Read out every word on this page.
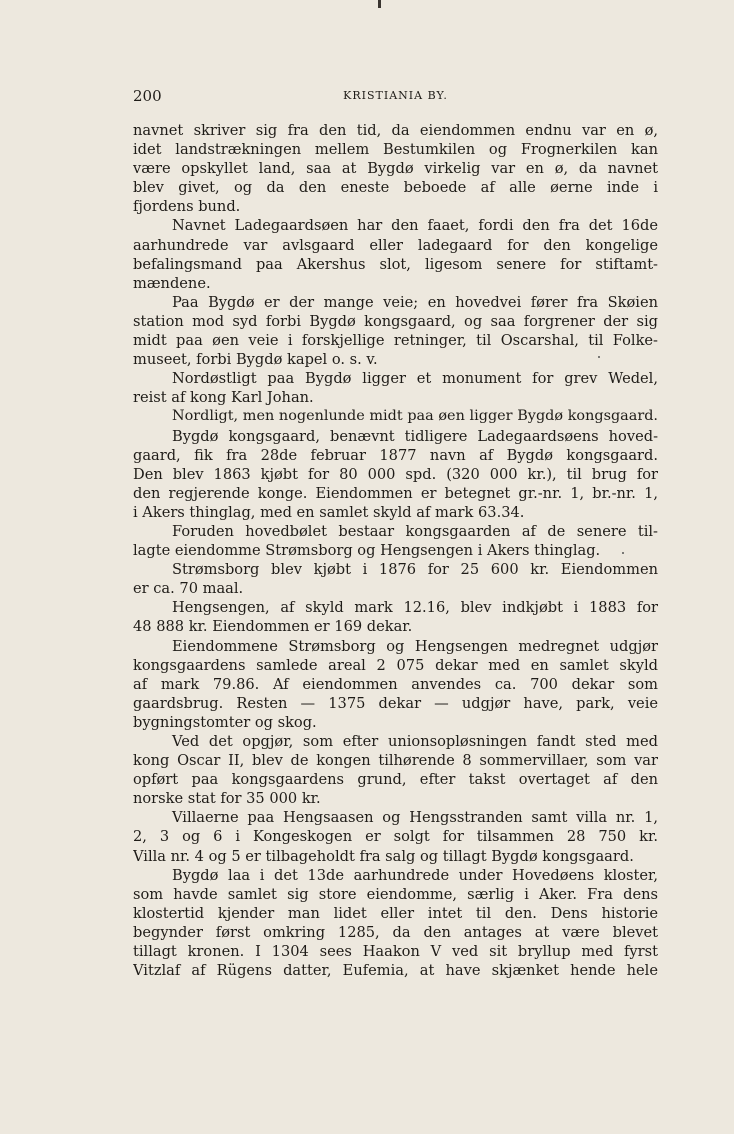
200	KRISTIANIA BY.
navnet skriver sig fra den tid, da eiendommen endnu var en ø,
idet landstrækningen mellem Bestumkilen og Frognerkilen kan
være opskyllet land, saa at Bygdø virkelig var en ø, da navnet
blev givet, og da den eneste beboede af alle øerne inde i
fjordens bund.
Navnet Ladegaardsøen har den faaet, fordi den fra det 16de
aarhundrede var avlsgaard eller ladegaard for den kongelige
befalingsmand paa Akershus slot, ligesom senere for stiftamt-
mændene.
Paa Bygdø er der mange veie; en hovedvei fører fra Skøien
station mod syd forbi Bygdø kongsgaard, og saa forgrener der sig
midt paa øen veie i forskjellige retninger, til Oscarshal, til Folke-
museet, forbi Bygdø kapel o. s. v.
Nordøstligt paa Bygdø ligger et monument for grev Wedel,
reist af kong Karl Johan.
Nordligt, men nogenlunde midt paa øen ligger Bygdø kongsgaard.
Bygdø kongsgaard, benævnt tidligere Ladegaardsøens hoved-
gaard, fik fra 28de februar 1877 navn af Bygdø kongsgaard.
Den blev 1863 kjøbt for 80 000 spd. (320 000 kr.), til brug for
den regjerende konge. Eiendommen er betegnet gr.-nr. 1, br.-nr. 1,
i Akers thinglag, med en samlet skyld af mark 63.34.
Foruden hovedbølet bestaar kongsgaarden af de senere til-
lagte eiendomme Strømsborg og Hengsengen i Akers thinglag.
Strømsborg blev kjøbt i 1876 for 25 600 kr. Eiendommen
er ca. 70 maal.
Hengsengen, af skyld mark 12.16, blev indkjøbt i 1883 for
48 888 kr. Eiendommen er 169 dekar.
Eiendommene Strømsborg og Hengsengen medregnet udgjør
kongsgaardens samlede areal 2 075 dekar med en samlet skyld
af mark 79.86. Af eiendommen anvendes ca. 700 dekar som
gaardsbrug. Resten — 1375 dekar — udgjør have, park, veie
bygningstomter og skog.
Ved det opgjør, som efter unionsopløsningen fandt sted med
kong Oscar II, blev de kongen tilhørende 8 sommervillaer, som var
opført paa kongsgaardens grund, efter takst overtaget af den
norske stat for 35 000 kr.
Villaerne paa Hengsaasen og Hengsstranden samt villa nr. 1,
2, 3 og 6 i Kongeskogen er solgt for tilsammen 28 750 kr.
Villa nr. 4 og 5 er tilbageholdt fra salg og tillagt Bygdø kongsgaard.
Bygdø laa i det 13de aarhundrede under Hovedøens kloster,
som havde samlet sig store eiendomme, særlig i Aker. Fra dens
klostertid kjender man lidet eller intet til den. Dens historie
begynder først omkring 1285, da den antages at være blevet
tillagt kronen. I 1304 sees Haakon V ved sit bryllup med fyrst
Vitzlaf af Rügens datter, Eufemia, at have skjænket hende hele
